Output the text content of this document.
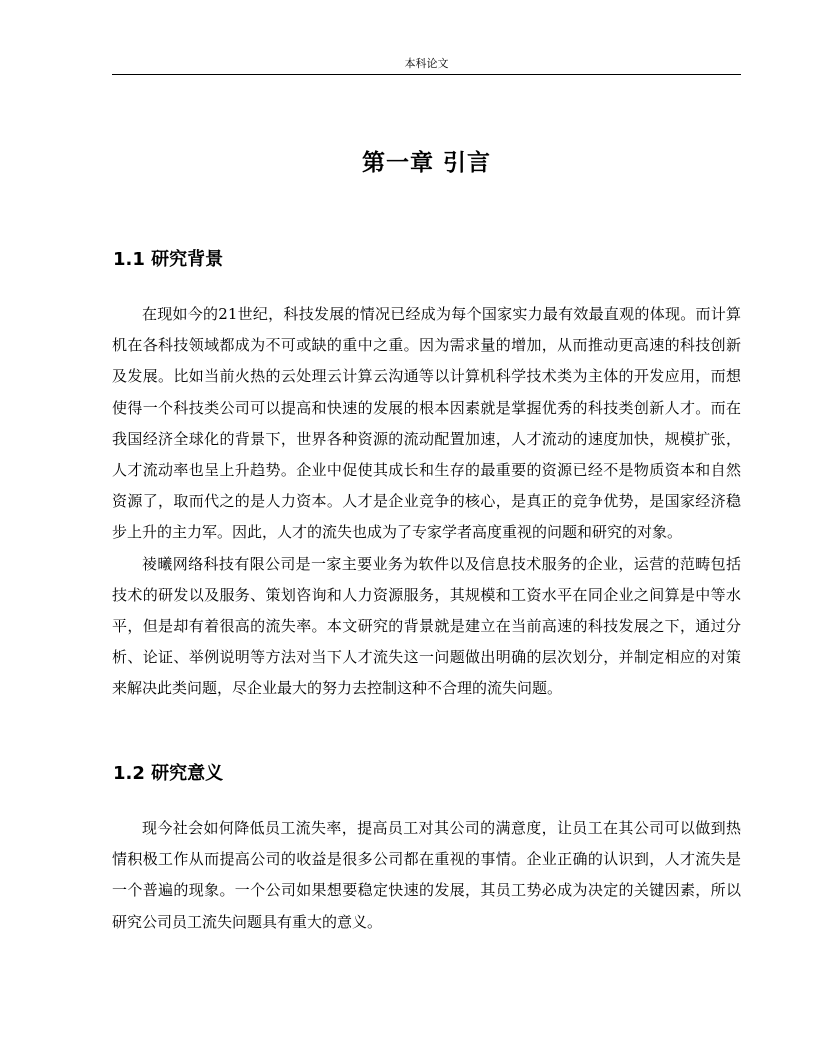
本科论文
第一章 引言
1.1 研究背景

在现如今的21世纪，科技发展的情况已经成为每个国家实力最有效最直观的体现。而计算机在各科技领域都成为不可或缺的重中之重。因为需求量的增加，从而推动更高速的科技创新及发展。比如当前火热的云处理云计算云沟通等以计算机科学技术类为主体的开发应用，而想使得一个科技类公司可以提高和快速的发展的根本因素就是掌握优秀的科技类创新人才。而在我国经济全球化的背景下，世界各种资源的流动配置加速，人才流动的速度加快，规模扩张，人才流动率也呈上升趋势。企业中促使其成长和生存的最重要的资源已经不是物质资本和自然资源了，取而代之的是人力资本。人才是企业竞争的核心，是真正的竞争优势，是国家经济稳步上升的主力军。因此，人才的流失也成为了专家学者高度重视的问题和研究的对象。

祾曦网络科技有限公司是一家主要业务为软件以及信息技术服务的企业，运营的范畴包括技术的研发以及服务、策划咨询和人力资源服务，其规模和工资水平在同企业之间算是中等水平，但是却有着很高的流失率。本文研究的背景就是建立在当前高速的科技发展之下，通过分析、论证、举例说明等方法对当下人才流失这一问题做出明确的层次划分，并制定相应的对策来解决此类问题，尽企业最大的努力去控制这种不合理的流失问题。

1.2 研究意义

现今社会如何降低员工流失率，提高员工对其公司的满意度，让员工在其公司可以做到热情积极工作从而提高公司的收益是很多公司都在重视的事情。企业正确的认识到，人才流失是一个普遍的现象。一个公司如果想要稳定快速的发展，其员工势必成为决定的关键因素，所以研究公司员工流失问题具有重大的意义。
